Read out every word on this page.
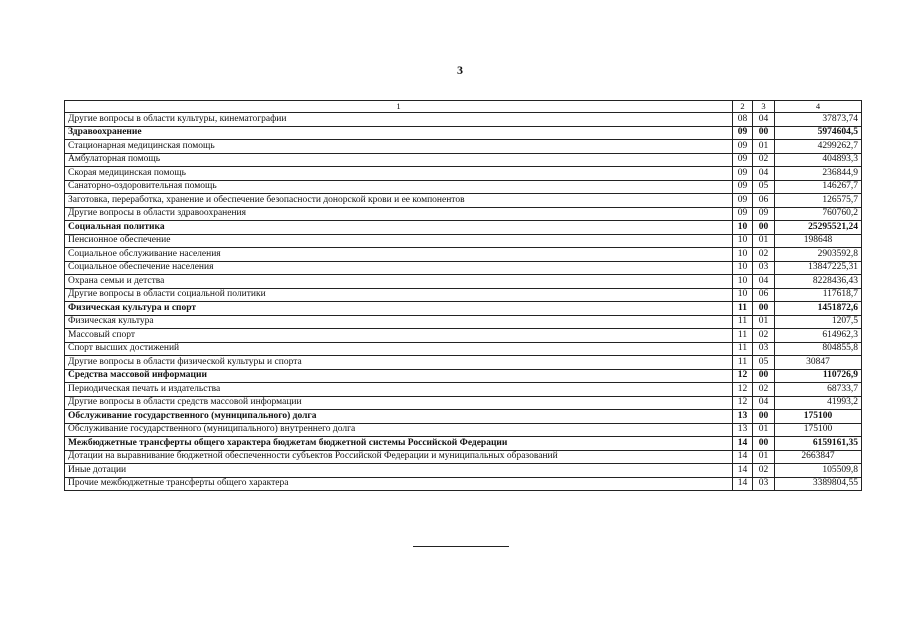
3
1	2	3	4
Другие вопросы в области культуры, кинематографии	08	04	37873,74
Здравоохранение	09	00	5974604,5
Стационарная медицинская помощь	09	01	4299262,7
Амбулаторная помощь	09	02	404893,3
Скорая медицинская помощь	09	04	236844,9
Санаторно-оздоровительная помощь	09	05	146267,7
Заготовка, переработка, хранение и обеспечение безопасности донорской крови и ее компонентов	09	06	126575,7
Другие вопросы в области здравоохранения	09	09	760760,2
Социальная политика	10	00	25295521,24
Пенсионное обеспечение	10	01	198648
Социальное обслуживание населения	10	02	2903592,8
Социальное обеспечение населения	10	03	13847225,31
Охрана семьи и детства	10	04	8228436,43
Другие вопросы в области социальной политики	10	06	117618,7
Физическая культура и спорт	11	00	1451872,6
Физическая культура	11	01	1207,5
Массовый спорт	11	02	614962,3
Спорт высших достижений	11	03	804855,8
Другие вопросы в области физической культуры и спорта	11	05	30847
Средства массовой информации	12	00	110726,9
Периодическая печать и издательства	12	02	68733,7
Другие вопросы в области средств массовой информации	12	04	41993,2
Обслуживание государственного (муниципального) долга	13	00	175100
Обслуживание государственного (муниципального) внутреннего долга	13	01	175100
Межбюджетные трансферты общего характера бюджетам бюджетной системы Российской Федерации	14	00	6159161,35
Дотации на выравнивание бюджетной обеспеченности субъектов Российской Федерации и муниципальных образований	14	01	2663847
Иные дотации	14	02	105509,8
Прочие межбюджетные трансферты общего характера	14	03	3389804,55
